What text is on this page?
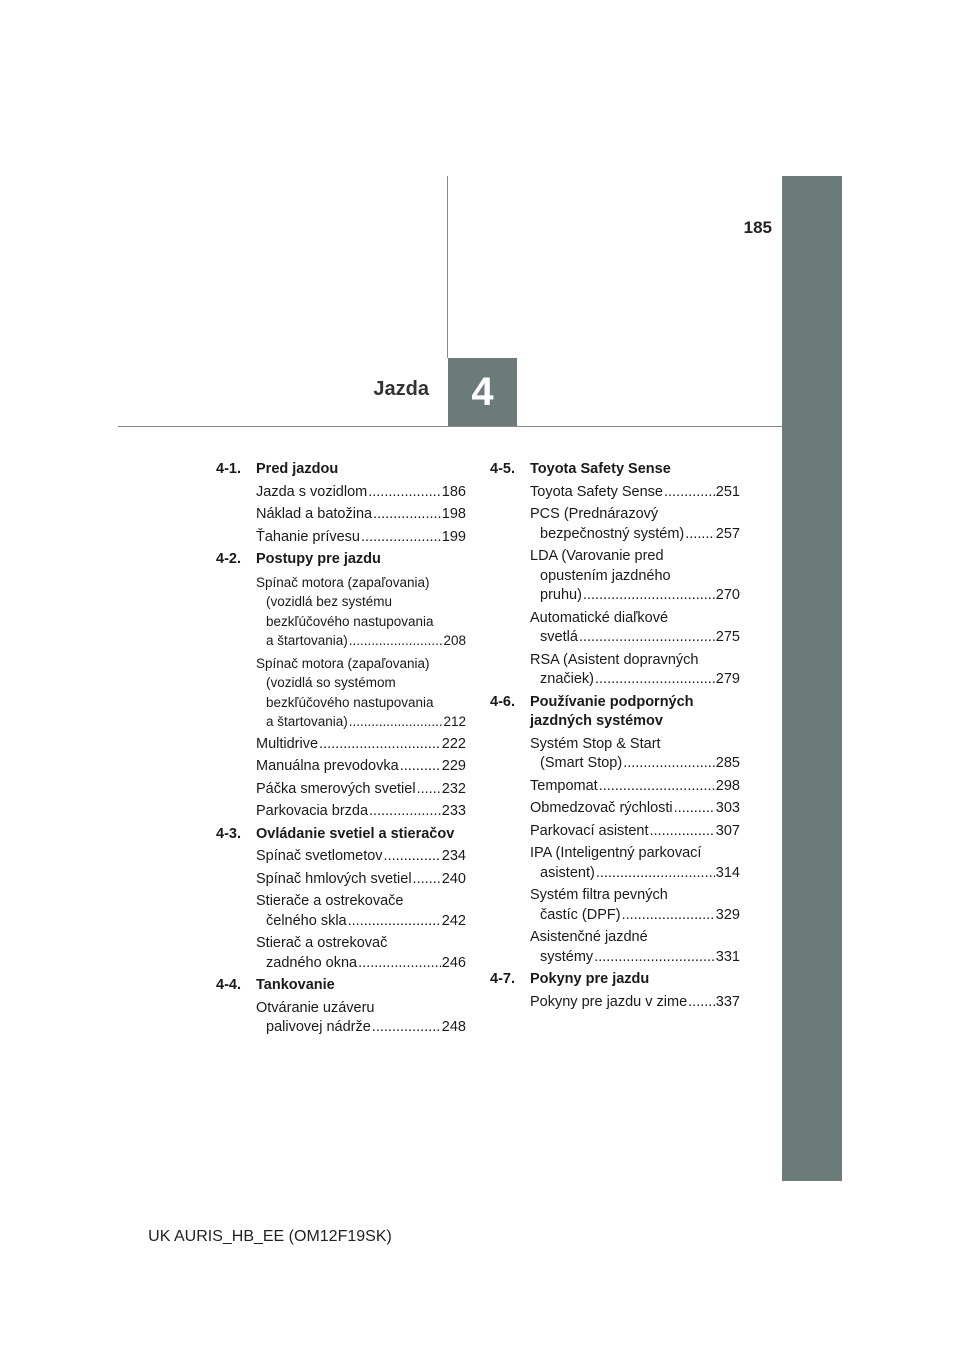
185
4
Jazda
4-1. Pred jazdou
Jazda s vozidlom .....	186
Náklad a batožina .....	198
Ťahanie prívesu .....	199
4-2. Postupy pre jazdu
Spínač motora (zapaľovania)
(vozidlá bez systému
bezkľúčového nastupovania
a štartovania) .....	208
Spínač motora (zapaľovania)
(vozidlá so systémom
bezkľúčového nastupovania
a štartovania) .....	212
Multidrive .....	222
Manuálna prevodovka .....	229
Páčka smerových svetiel ..... 232
Parkovacia brzda .....	233
4-3. Ovládanie svetiel a stieračov
Spínač svetlometov .....	234
Spínač hmlových svetiel ..... 240
Stierače a ostrekovače
čelného skla .....	242
Stierač a ostrekovač
zadného okna .....	246
4-4. Tankovanie
Otváranie uzáveru
palivovej nádrže .....	248
4-5. Toyota Safety Sense
Toyota Safety Sense .....	251
PCS (Prednárazový
bezpečnostný systém) ..... 257
LDA (Varovanie pred
opustením jazdného
pruhu) .....	270
Automatické diaľkové
svetlá .....	275
RSA (Asistent dopravných
značiek) .....	279
4-6. Používanie podporných
jazdných systémov
Systém Stop & Start
(Smart Stop) .....	285
Tempomat .....	298
Obmedzovač rýchlosti .....	303
Parkovací asistent .....	307
IPA (Inteligentný parkovací
asistent) .....	314
Systém filtra pevných
častíc (DPF) .....	329
Asistenčné jazdné
systémy .....	331
4-7. Pokyny pre jazdu
Pokyny pre jazdu v zime ..... 337
UK AURIS_HB_EE (OM12F19SK)
